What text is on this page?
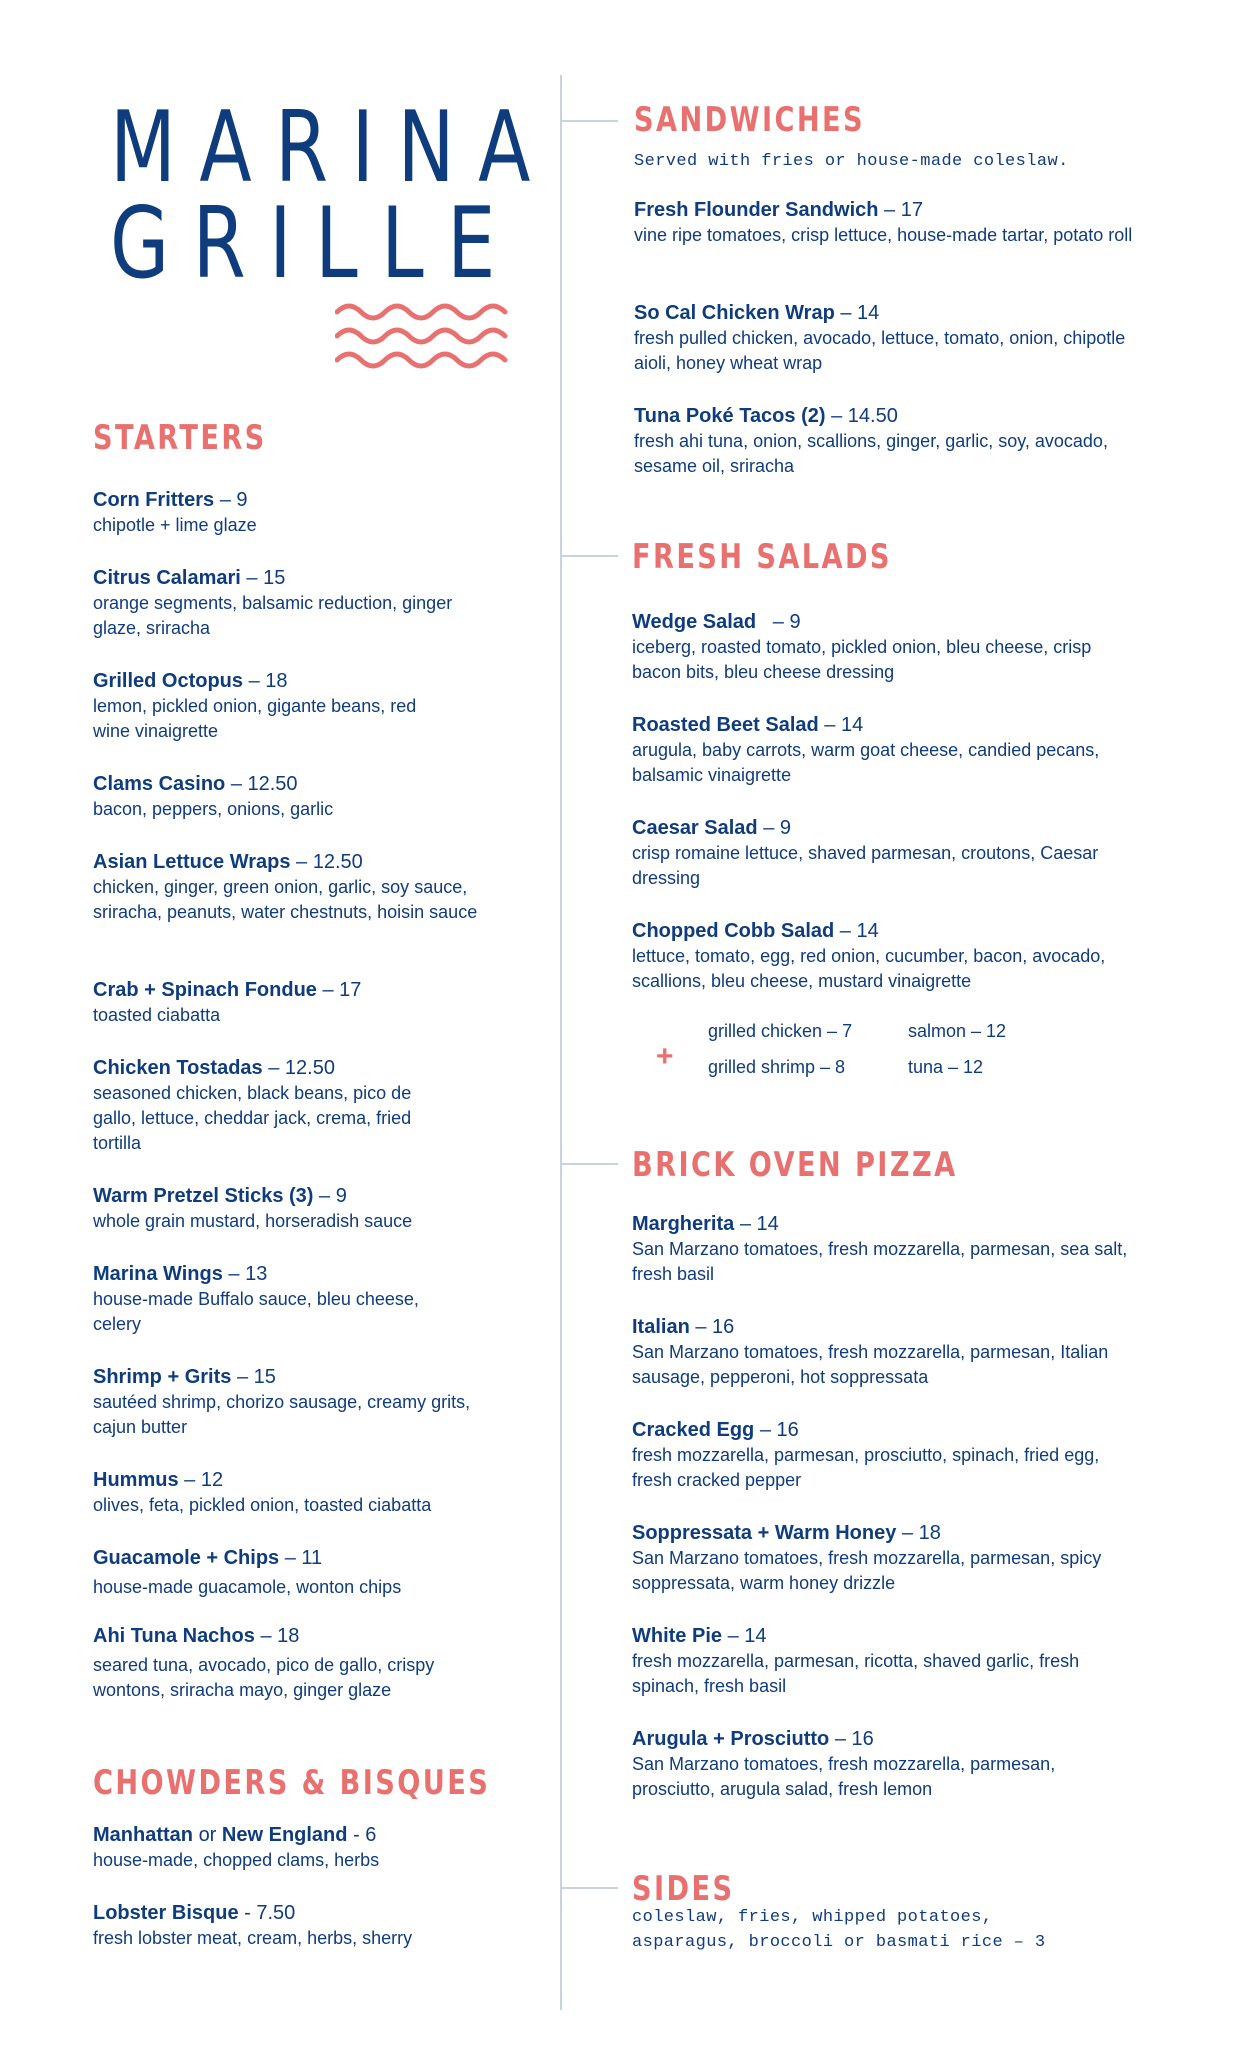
MARINA
GRILLE
STARTERS
Corn Fritters – 9
chipotle + lime glaze
Citrus Calamari – 15
orange segments, balsamic reduction, ginger glaze, sriracha
Grilled Octopus – 18
lemon, pickled onion, gigante beans, red wine vinaigrette
Clams Casino – 12.50
bacon, peppers, onions, garlic
Asian Lettuce Wraps – 12.50
chicken, ginger, green onion, garlic, soy sauce, sriracha, peanuts, water chestnuts, hoisin sauce
Crab + Spinach Fondue – 17
toasted ciabatta
Chicken Tostadas – 12.50
seasoned chicken, black beans, pico de gallo, lettuce, cheddar jack, crema, fried tortilla
Warm Pretzel Sticks (3) – 9
whole grain mustard, horseradish sauce
Marina Wings – 13
house-made Buffalo sauce, bleu cheese, celery
Shrimp + Grits – 15
sautéed shrimp, chorizo sausage, creamy grits, cajun butter
Hummus – 12
olives, feta, pickled onion, toasted ciabatta
Guacamole + Chips – 11
house-made guacamole, wonton chips
Ahi Tuna Nachos – 18
seared tuna, avocado, pico de gallo, crispy wontons, sriracha mayo, ginger glaze
CHOWDERS & BISQUES
Manhattan or New England - 6
house-made, chopped clams, herbs
Lobster Bisque - 7.50
fresh lobster meat, cream, herbs, sherry
SANDWICHES
Served with fries or house-made coleslaw.
Fresh Flounder Sandwich – 17
vine ripe tomatoes, crisp lettuce, house-made tartar, potato roll
So Cal Chicken Wrap – 14
fresh pulled chicken, avocado, lettuce, tomato, onion, chipotle aioli, honey wheat wrap
Tuna Poké Tacos (2) – 14.50
fresh ahi tuna, onion, scallions, ginger, garlic, soy, avocado, sesame oil, sriracha
FRESH SALADS
Wedge Salad   – 9
iceberg, roasted tomato, pickled onion, bleu cheese, crisp bacon bits, bleu cheese dressing
Roasted Beet Salad – 14
arugula, baby carrots, warm goat cheese, candied pecans, balsamic vinaigrette
Caesar Salad – 9
crisp romaine lettuce, shaved parmesan, croutons, Caesar dressing
Chopped Cobb Salad – 14
lettuce, tomato, egg, red onion, cucumber, bacon, avocado, scallions, bleu cheese, mustard vinaigrette
+
grilled chicken – 7	salmon – 12
grilled shrimp – 8	tuna – 12
BRICK OVEN PIZZA
Margherita – 14
San Marzano tomatoes, fresh mozzarella, parmesan, sea salt, fresh basil
Italian – 16
San Marzano tomatoes, fresh mozzarella, parmesan, Italian sausage, pepperoni, hot soppressata
Cracked Egg – 16
fresh mozzarella, parmesan, prosciutto, spinach, fried egg, fresh cracked pepper
Soppressata + Warm Honey – 18
San Marzano tomatoes, fresh mozzarella, parmesan, spicy soppressata, warm honey drizzle
White Pie – 14
fresh mozzarella, parmesan, ricotta, shaved garlic, fresh spinach, fresh basil
Arugula + Prosciutto – 16
San Marzano tomatoes, fresh mozzarella, parmesan, prosciutto, arugula salad, fresh lemon
SIDES
coleslaw, fries, whipped potatoes,
asparagus, broccoli or basmati rice – 3
